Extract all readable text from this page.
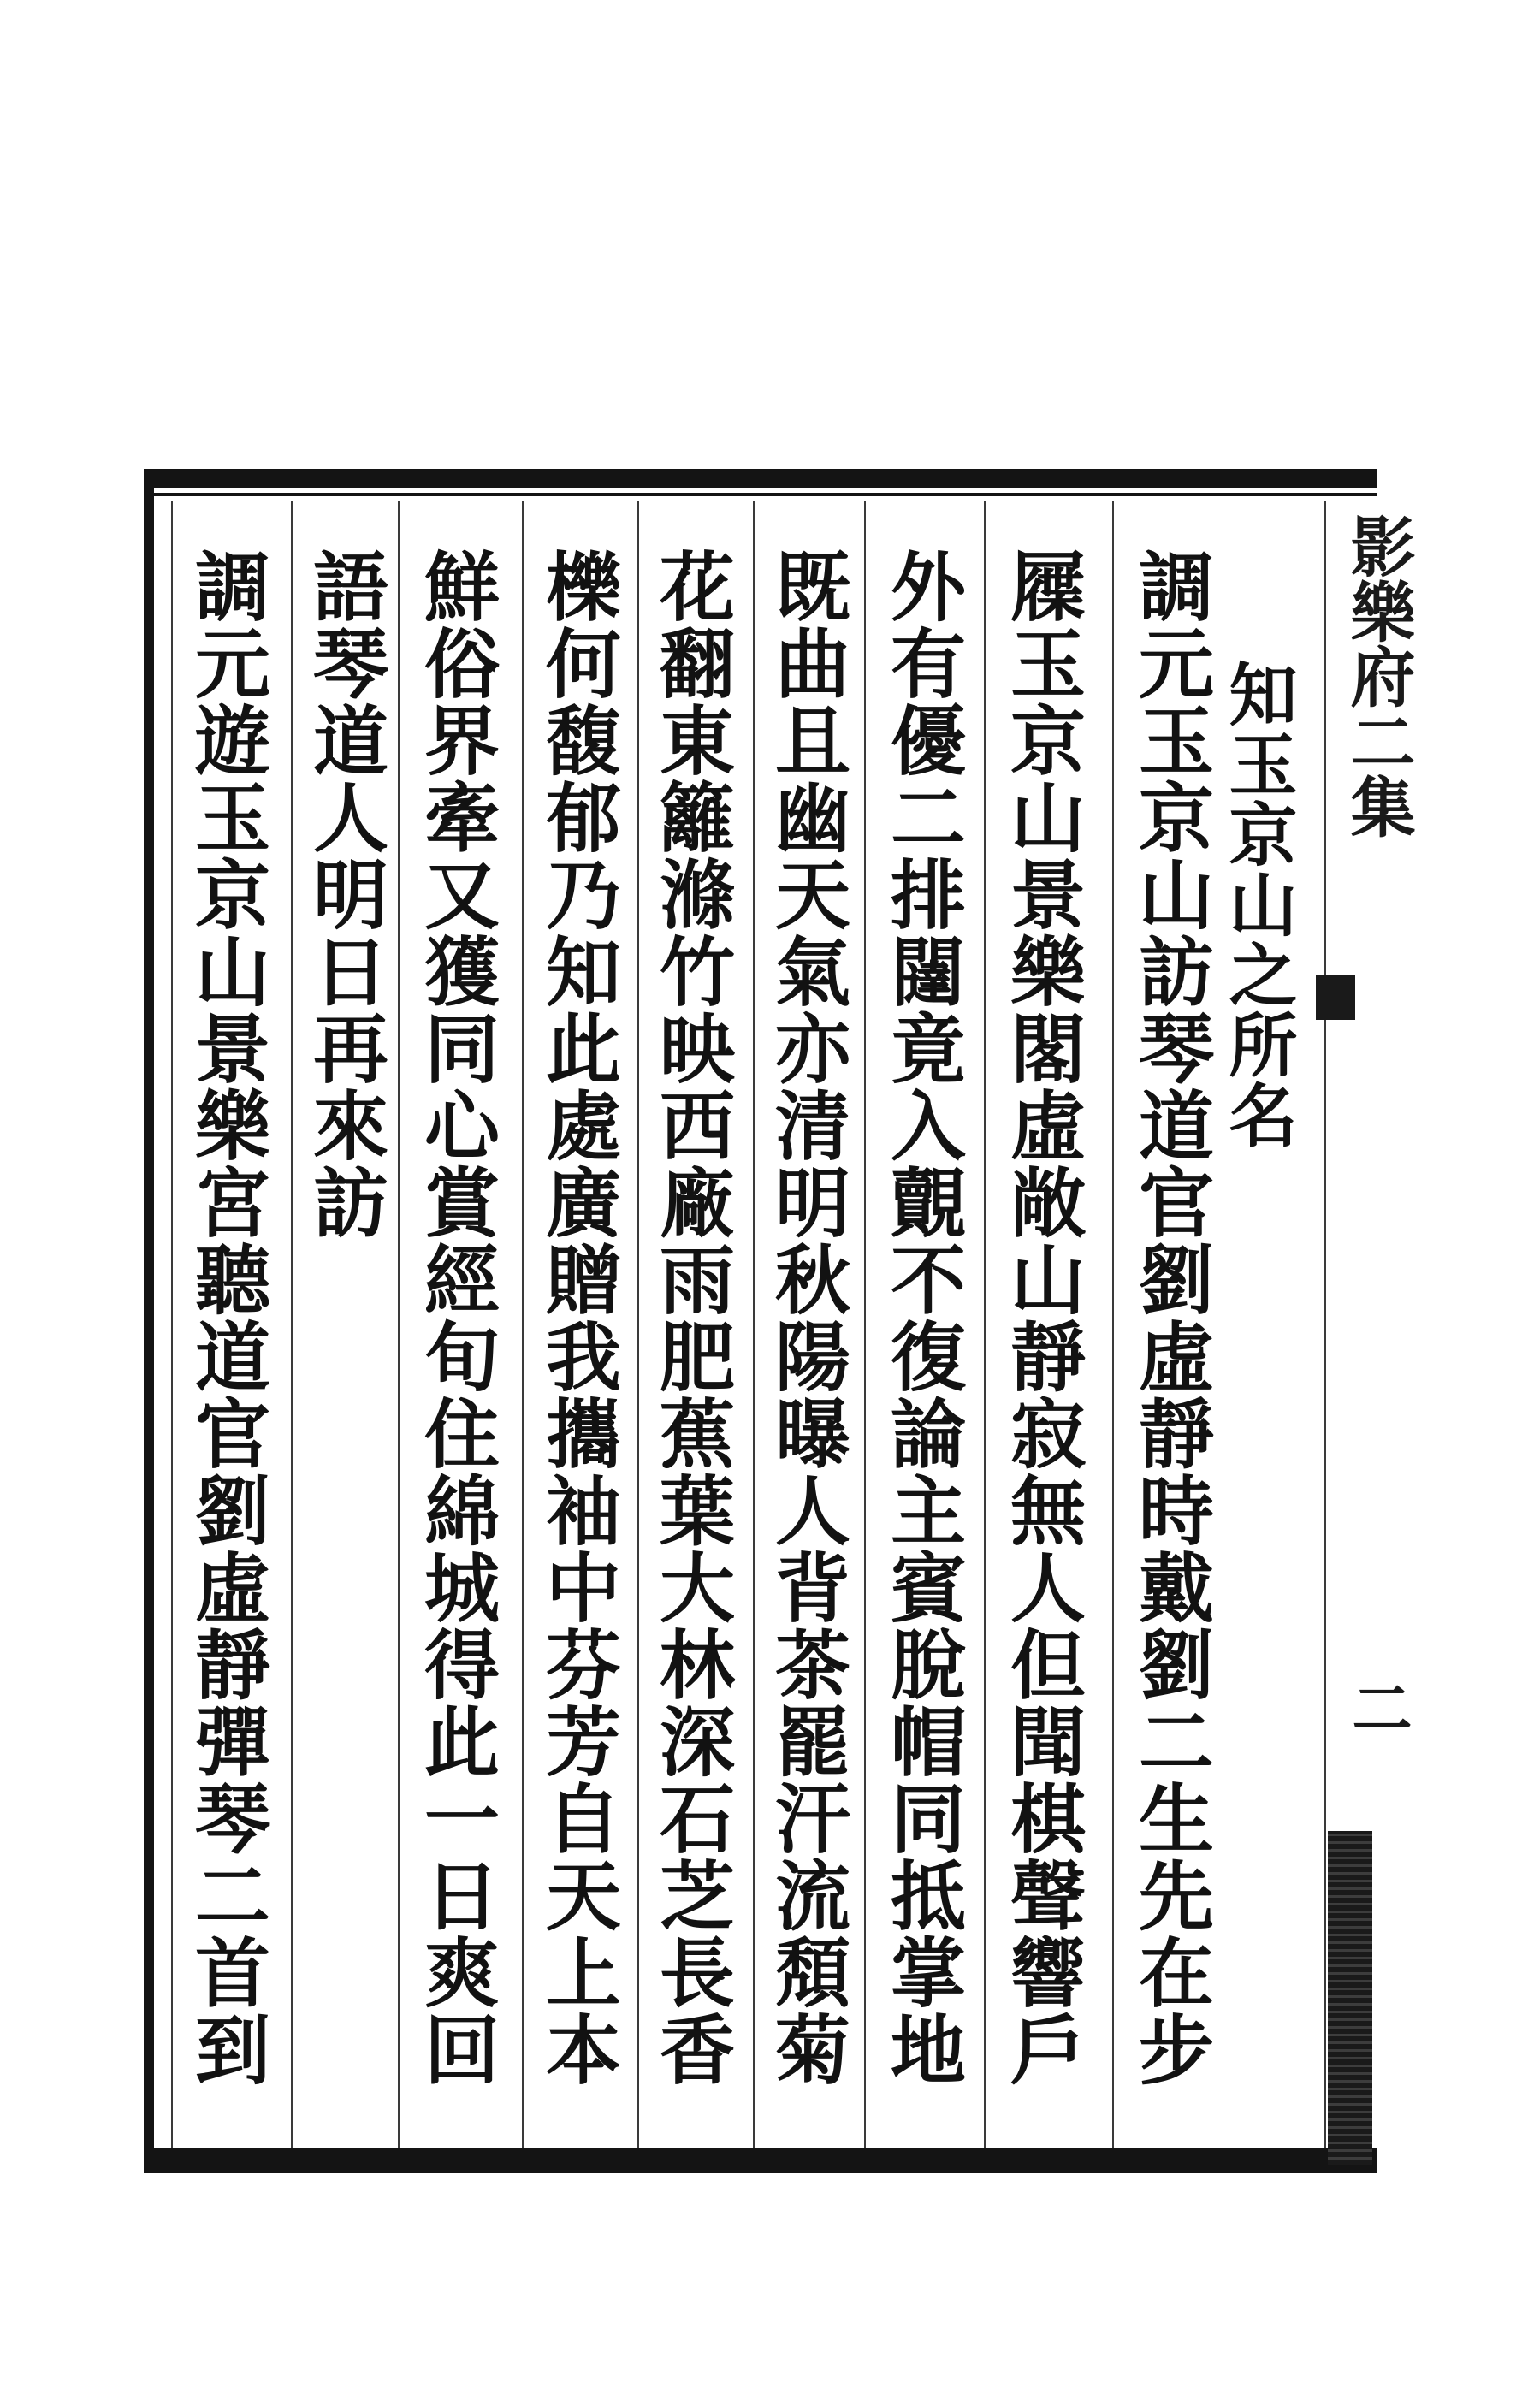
影樂府二集
二
調元玉京山訪琴道官劉虛靜時戴劉二生先在步 知玉京山之所名
屧玉京山景樂閣虛敞山靜寂無人但聞棋聲響戶
外有優二排闥竟入覿不復論主賓脫帽同抵掌地
既曲且幽天氣亦清明秋陽曝人背茶罷汗流頽菊
花翻東籬滌竹映西廠雨肥蕉葉大林深石芝長香
櫟何馥郁乃知此處廣贈我攜袖中芬芳自天上本
鮮俗界牽又獲同心賞經旬住綿城得此一日爽回
語琴道人明日再來訪
調元遊玉京山景樂宮聽道官劉虛靜彈琴二首到
